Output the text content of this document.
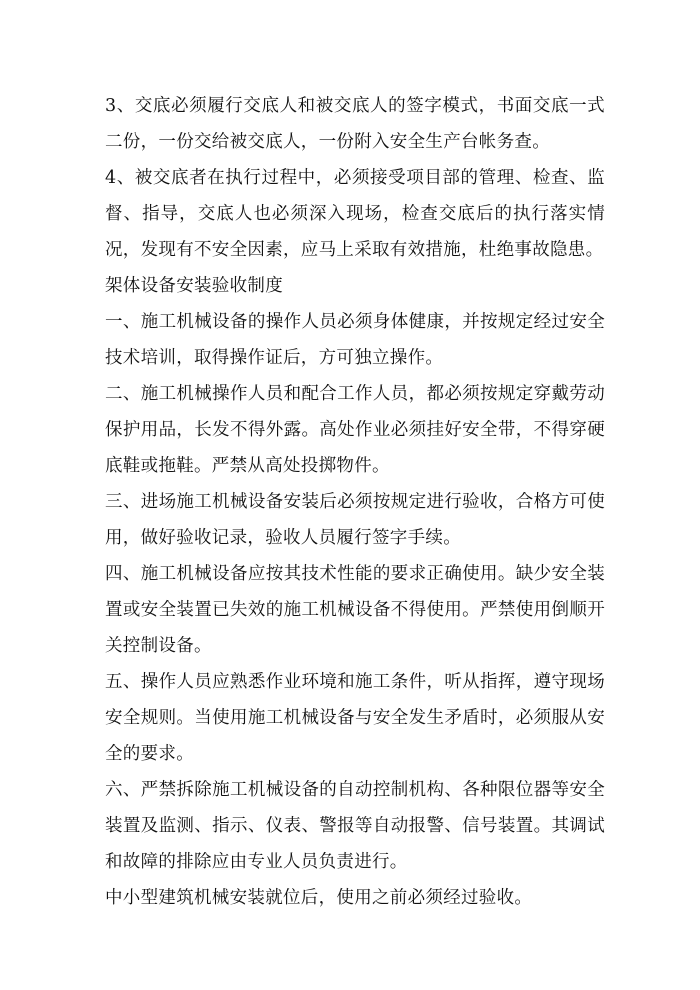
3、交底必须履行交底人和被交底人的签字模式，书面交底一式二份，一份交给被交底人，一份附入安全生产台帐务查。

4、被交底者在执行过程中，必须接受项目部的管理、检查、监督、指导，交底人也必须深入现场，检查交底后的执行落实情况，发现有不安全因素，应马上采取有效措施，杜绝事故隐患。

架体设备安装验收制度

一、施工机械设备的操作人员必须身体健康，并按规定经过安全技术培训，取得操作证后，方可独立操作。

二、施工机械操作人员和配合工作人员，都必须按规定穿戴劳动保护用品，长发不得外露。高处作业必须挂好安全带，不得穿硬底鞋或拖鞋。严禁从高处投掷物件。

三、进场施工机械设备安装后必须按规定进行验收，合格方可使用，做好验收记录，验收人员履行签字手续。

四、施工机械设备应按其技术性能的要求正确使用。缺少安全装置或安全装置已失效的施工机械设备不得使用。严禁使用倒顺开关控制设备。

五、操作人员应熟悉作业环境和施工条件，听从指挥，遵守现场安全规则。当使用施工机械设备与安全发生矛盾时，必须服从安全的要求。

六、严禁拆除施工机械设备的自动控制机构、各种限位器等安全装置及监测、指示、仪表、警报等自动报警、信号装置。其调试和故障的排除应由专业人员负责进行。

中小型建筑机械安装就位后，使用之前必须经过验收。
